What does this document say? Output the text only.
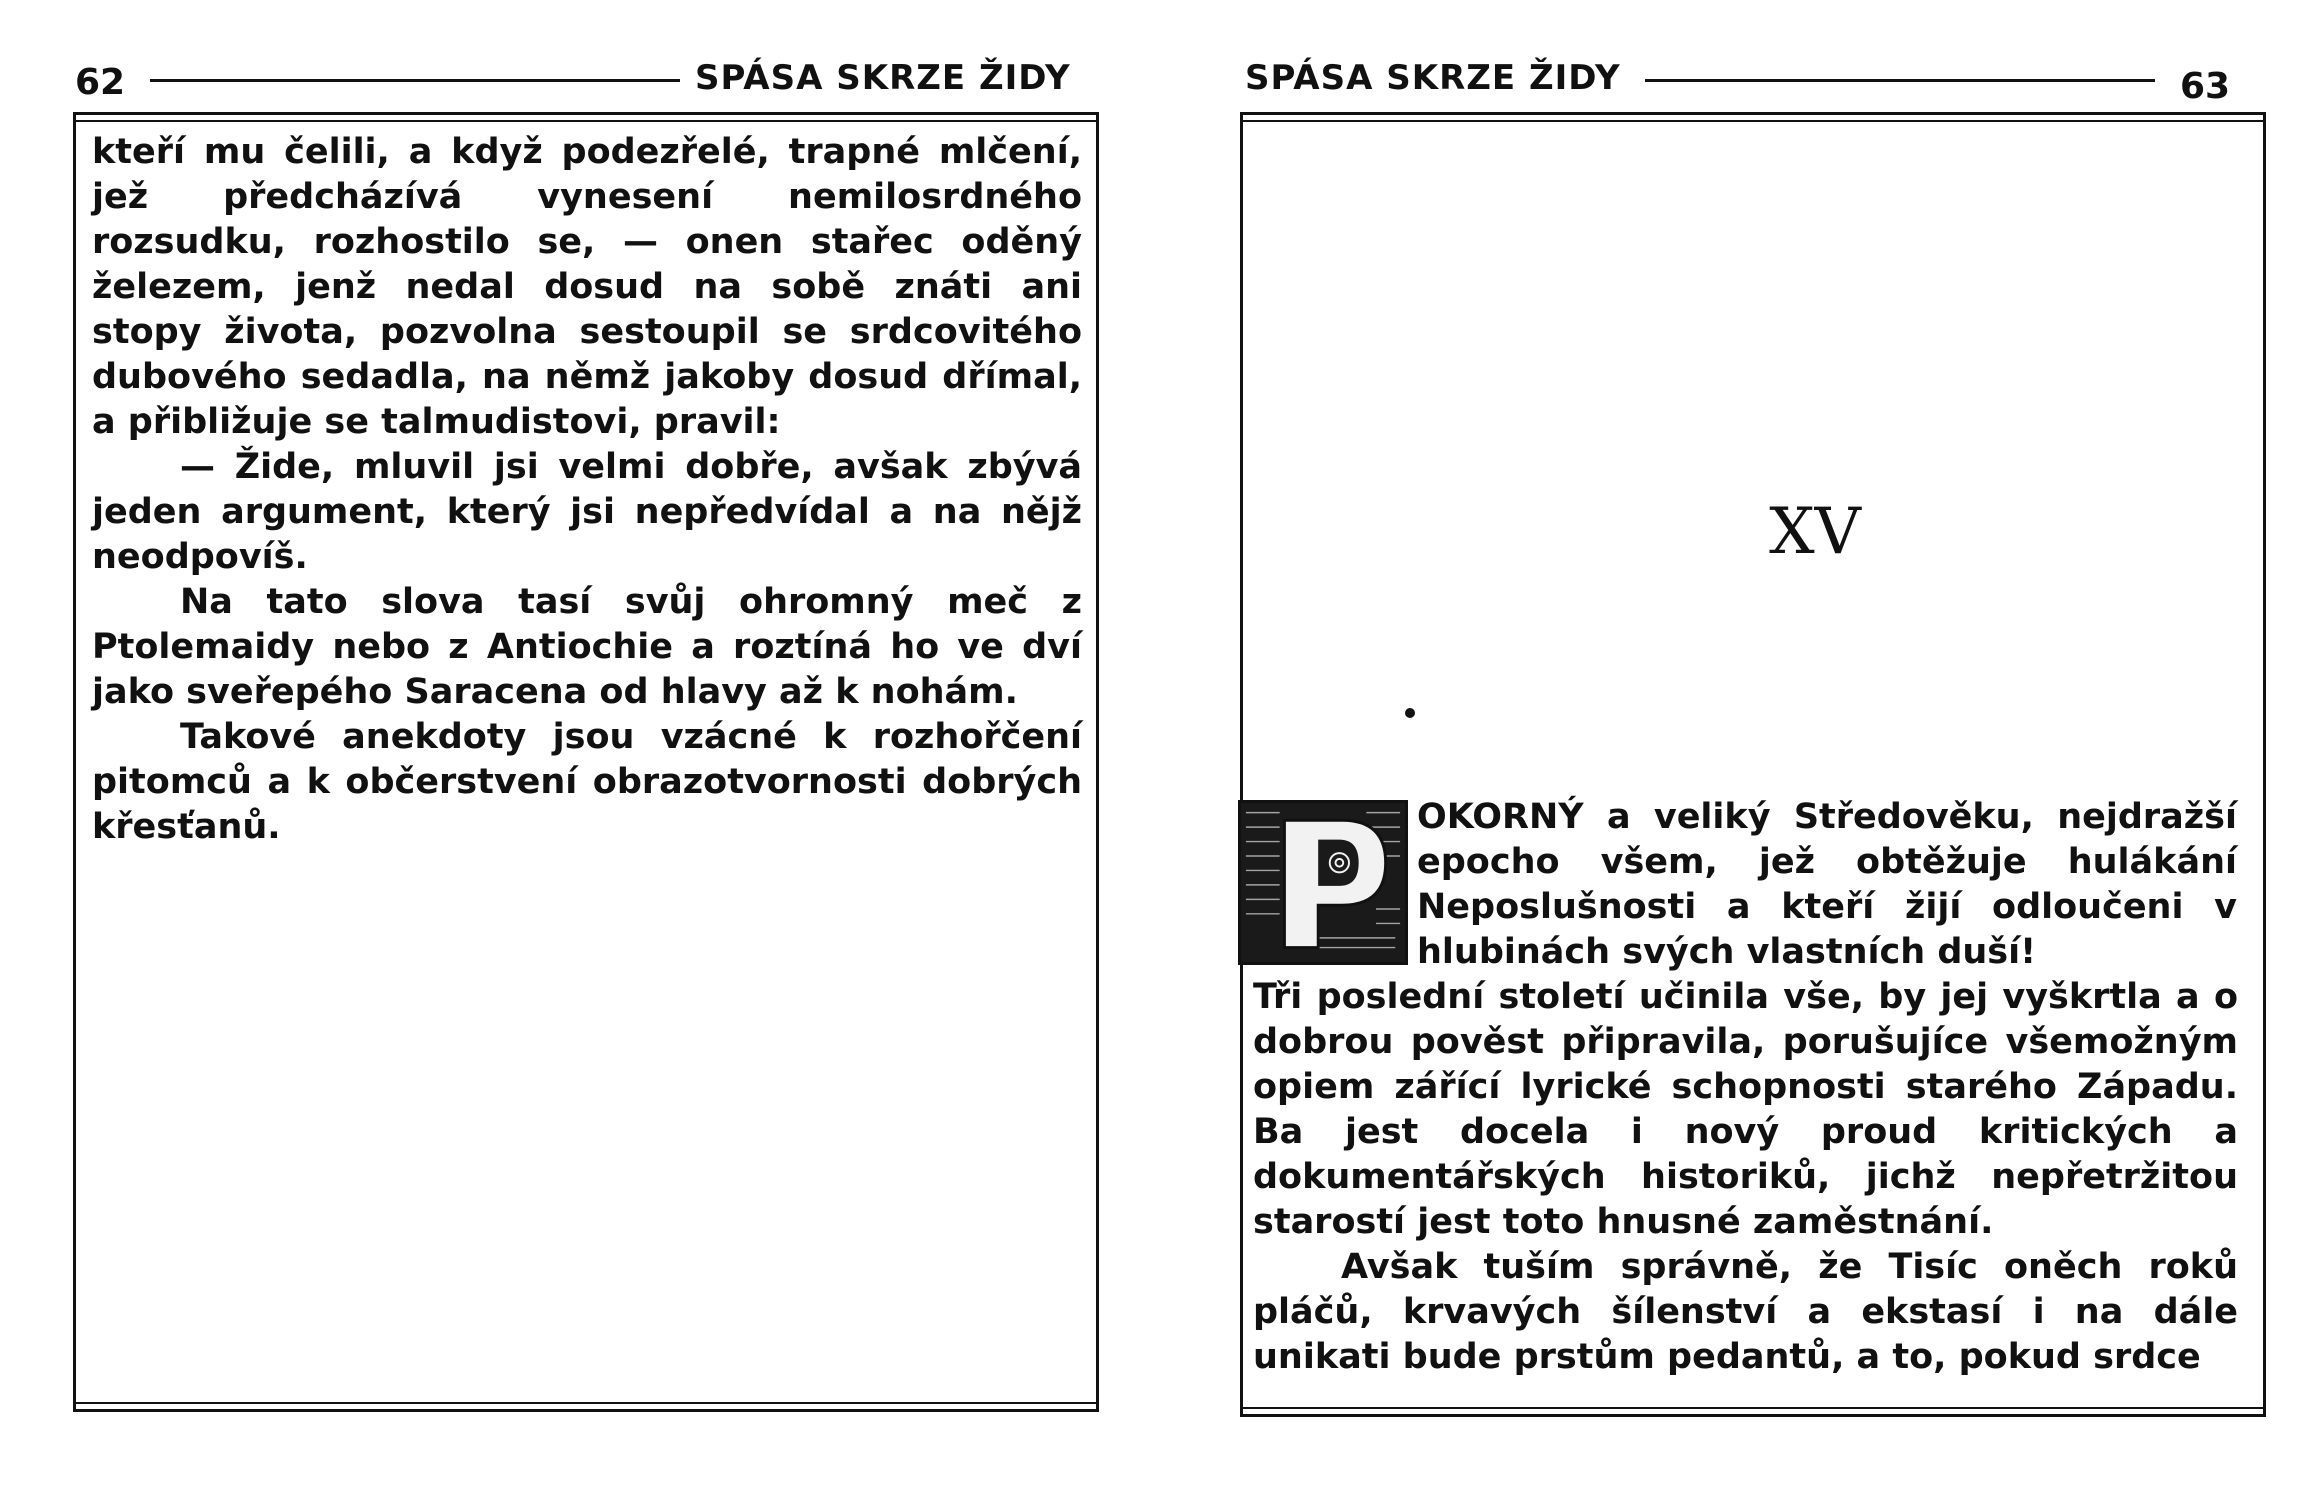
62	SPÁSA SKRZE ŽIDY

kteří mu čelili, a když podezřelé, trapné mlčení, jež předcházívá vynesení nemilosrdného rozsudku, rozhostilo se, — onen stařec oděný železem, jenž nedal dosud na sobě znáti ani stopy života, pozvolna sestoupil se srdcovitého dubového sedadla, na němž jakoby dosud dřímal, a přibližuje se talmudistovi, pravil:

— Žide, mluvil jsi velmi dobře, avšak zbývá jeden argument, který jsi nepředvídal a na nějž neodpovíš.

Na tato slova tasí svůj ohromný meč z Ptolemaidy nebo z Antiochie a roztíná ho ve dví jako sveřepého Saracena od hlavy až k nohám.

Takové anekdoty jsou vzácné k rozhořčení pitomců a k občerstvení obrazotvornosti dobrých křesťanů.

SPÁSA SKRZE ŽIDY	63
XV

OKORNÝ a veliký Středověku, nejdražší epocho všem, jež obtěžuje hulákání Neposlušnosti a kteří žijí odloučeni v hlubinách svých vlastních duší!

Tři poslední století učinila vše, by jej vyškrtla a o dobrou pověst připravila, porušujíce všemožným opiem zářící lyrické schopnosti starého Západu. Ba jest docela i nový proud kritických a dokumentářských historiků, jichž nepřetržitou starostí jest toto hnusné zaměstnání.

Avšak tuším správně, že Tisíc oněch roků pláčů, krvavých šílenství a ekstasí i na dále unikati bude prstům pedantů, a to, pokud srdce
